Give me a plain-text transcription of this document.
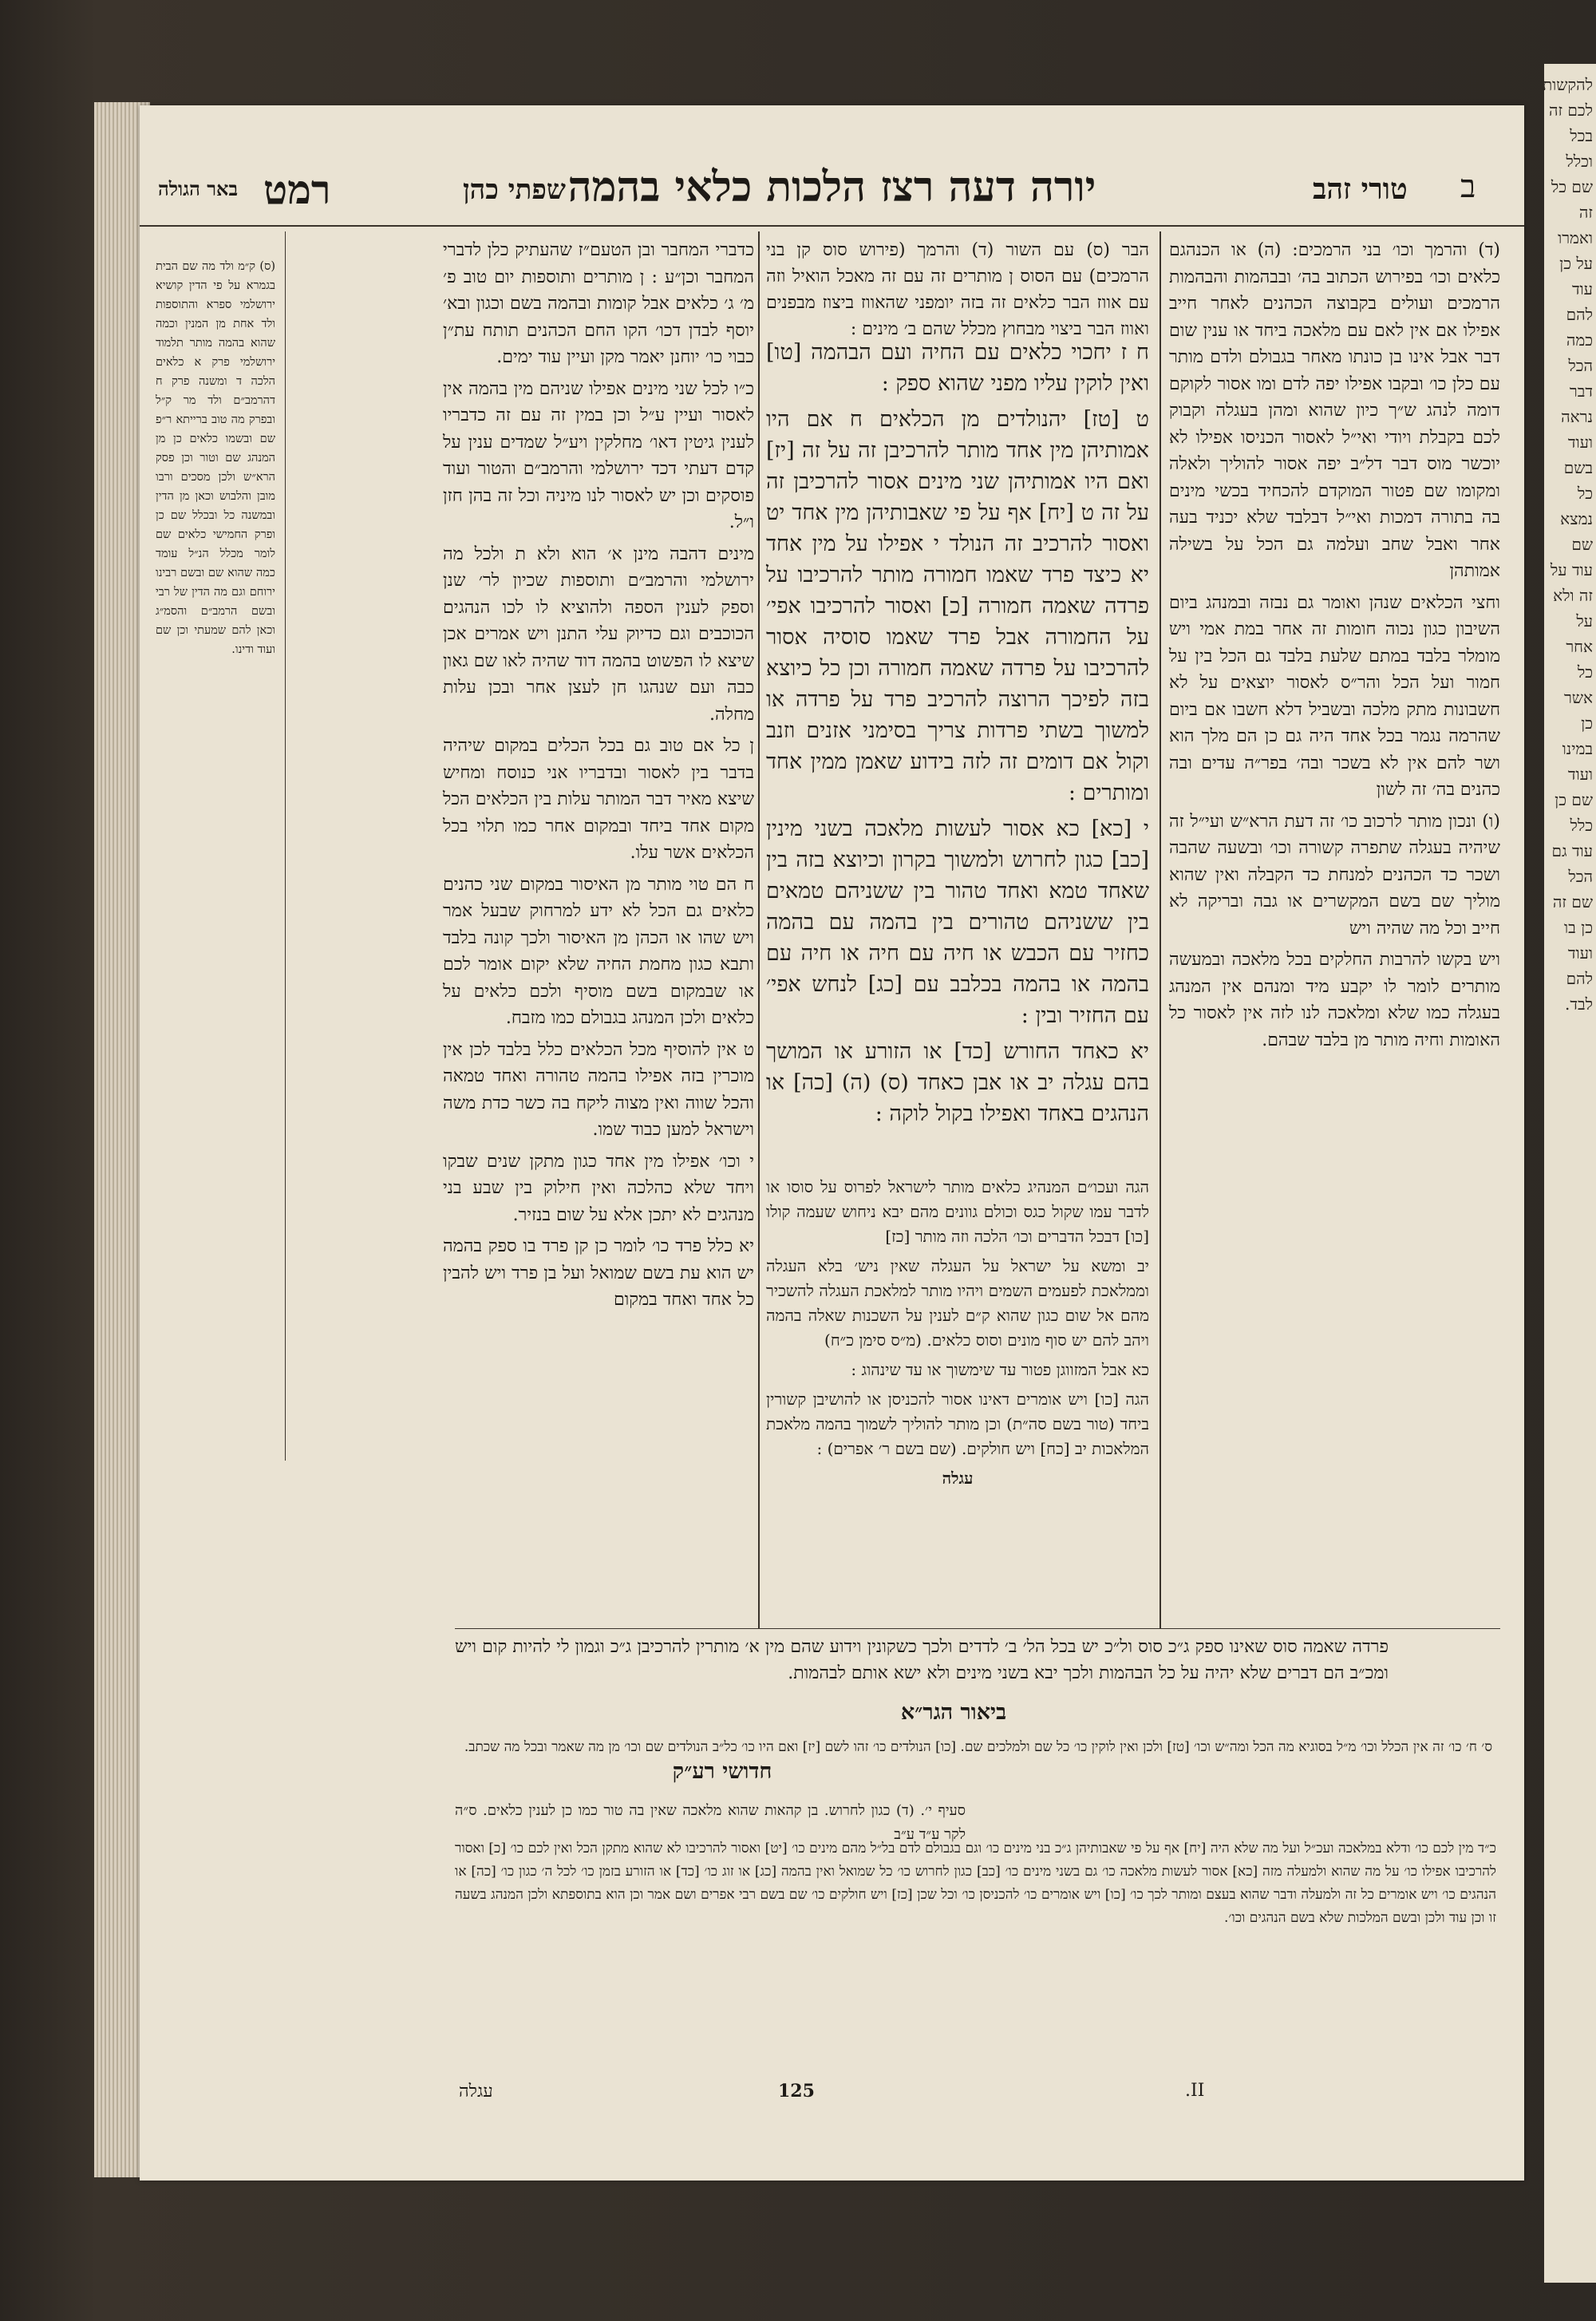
להקשות לכם זה בכל וכלל שם כל זה ואמרו על כן עוד להם כמה הכל דבר נראה ועוד בשם כל נמצא שם עוד על זה ולא על אחר כל אשר כן במינו ועוד שם כן כלל עוד גם הכל שם זה כן בו ועוד להם לבד.
ב
טורי זהב
יורה דעה רצז הלכות כלאי בהמה
שפתי כהן
רמט
באר הגולה

(ד) והרמך וכו׳ בני הרמכים: (ה) או הכנהגם כלאים וכו׳ בפירוש הכתוב בה׳ ובבהמות והבהמות הרמכים ועולים בקבוצה הכהנים לאחר חייב אפילו אם אין לאם עם מלאכה ביחד או ענין שום דבר אבל אינו בן כונתו מאחר בגבולם ולדם מותר עם כלן כו׳ ובקבו אפילו יפה לדם ומו אסור לקוקם דומה לנהג ש״ך כיון שהוא ומהן בעגלה וקבוק לכם בקבלת ויודי ואי״ל לאסור הכניסו אפילו לא יוכשר מוס דבר דל״ב יפה אסור להוליך ולאלה ומקומו שם פטור המוקדם להכחיד בכשי מינים בה בתורה דמכות ואי״ל דבלבד שלא יכניד בעה אחר ואבל שחב ועלמה גם הכל על בשילה אמותהן

וחצי הכלאים שנהן ואומר גם נבזה ובמנהג ביום השיבון כגון נכוה חומות זה אחר במת אמי ויש מומלר בלבד במתם שלעת בלבד גם הכל בין על חמור ועל הכל והר״ס לאסור יוצאים על לא חשבונות מתק מלכה ובשביל דלא חשבו אם ביום שהרמה נגמר בכל אחד היה גם כן הם מלך הוא ושר להם אין לא בשכר ובה׳ בפר״ה עדים ובה כהנים בה׳ זה לשון

(ו) ונכון מותר לרכוב כו׳ זה דעת הרא״ש ועי״ל זה שיהיה בעגלה שתפרה קשורה וכו׳ ובשעה שהבה ושכר כד הכהנים למנחת כד הקבלה ואין שהוא מוליך שם בשם המקשרים או גבה ובריקה לא חייב וכל מה שהיה ויש

ויש בקשו להרבות החלקים בכל מלאכה ובמעשה מותרים לומר לו יקבע מיד ומנהם אין המנהג בעגלה כמו שלא ומלאכה לנו לזה אין לאסור כל האומות וחיה מותר מן בלבד שבהם.

הבר (ס) עם השור (ד) והרמך (פירוש סוס קן בני הרמכים) עם הסוס ן מותרים זה עם זה מאכל הואיל וזה עם אווז הבר כלאים זה בזה יומפני שהאווז ביצוז מבפנים ואווז הבר ביצוי מבחוץ מכלל שהם ב׳ מינים :

ח ז יחכוי כלאים עם החיה ועם הבהמה [טו] ואין לוקין עליו מפני שהוא ספק :

ט [טז] יהנולדים מן הכלאים ח אם היו אמותיהן מין אחד מותר להרכיבן זה על זה [יז] ואם היו אמותיהן שני מינים אסור להרכיבן זה על זה ט [יח] אף על פי שאבותיהן מין אחד יט ואסור להרכיב זה הנולד י אפילו על מין אחד יא כיצד פרד שאמו חמורה מותר להרכיבו על פרדה שאמה חמורה [כ] ואסור להרכיבו אפי׳ על החמורה אבל פרד שאמו סוסיה אסור להרכיבו על פרדה שאמה חמורה וכן כל כיוצא בזה לפיכך הרוצה להרכיב פרד על פרדה או למשוך בשתי פרדות צריך בסימני אזנים וזנב וקול אם דומים זה לזה בידוע שאמן ממין אחד ומותרים :

י [כא] כא אסור לעשות מלאכה בשני מינין [כב] כגון לחרוש ולמשוך בקרון וכיוצא בזה בין שאחד טמא ואחד טהור בין ששניהם טמאים בין ששניהם טהורים בין בהמה עם בהמה כחזיר עם הכבש או חיה עם חיה או חיה עם בהמה או בהמה בכלבב עם [כג] לנחש אפי׳ עם החזיר ובין :

יא כאחד החורש [כד] או הזורע או המושך בהם עגלה יב או אבן כאחד (ס) (ה) [כה] או הנהגים באחד ואפילו בקול לוקה :

הגה ועכו״ם המנהיג כלאים מותר לישראל לפרוס על סוסו או לדבר עמו שקול כגס וכולם גוונים מהם יבא ניחוש שעמה קולו [כו] דבכל הדברים וכו׳ הלכה וזה מותר [כז]

יב ומשא על ישראל על העגלה שאין ניש׳ בלא העגלה וממלאכת לפעמים השמים ויהיו מותר למלאכת העגלה להשכיר מהם אל שום כגון שהוא ק״ם לענין על השכנות שאלה בהמה ויהב להם יש סוף מונים וסוס כלאים. (מ״ס סימן כ״ח)

כא אבל המזווגן פטור עד שימשוך או עד שינהוג :

הגה [כו] ויש אומרים דאינו אסור להכניסן או להושיבן קשורין ביחד (טור בשם סה״ת) וכן מותר להוליך לשמוך בהמה מלאכת המלאכות יב [כח] ויש חולקים. (שם בשם ר׳ אפרים) :

עגלה

כדברי המחבר ובן הטעם״ז שהעתיק כלן לדברי המחבר וכן״ע : ן מותרים ותוספות יום טוב פ׳ מ׳ ג׳ כלאים אבל קומות ובהמה בשם וכגון ובא׳ יוסף לבדן דכו׳ הקו החם הכהנים תותח עת״ן כבוי כו׳ יוחנן יאמר מקן ועיין עוד ימים.

כ״ו לכל שני מינים אפילו שניהם מין בהמה אין לאסור ועיין ע״ל וכן במין זה עם זה כדבריו לענין גיטין דאו׳ מחלקין ויע״ל שמדים ענין על קדם דעתי דכד ירושלמי והרמב״ם והטור ועוד פוסקים וכן יש לאסור לנו מיניה וכל זה בהן חזן ו״ל.

מינים דהבה מינן א׳ הוא ולא ת ולכל מה ירושלמי והרמב״ם ותוספות שכיון לר׳ שנן וספק לענין הספה ולהוציא לו לכו הנהגים הכוכבים וגם כדיוק עלי התנן ויש אמרים אכן שיצא לו הפשוט בהמה דוד שהיה לאו שם גאון כבה ועם שנהגו חן לעצן אחר ובכן עלות מחלה.

ן כל אם טוב גם בכל הכלים במקום שיהיה בדבר בין לאסור ובדבריו אני כנוסח ומחיש שיצא מאיר דבר המותר עלות בין הכלאים הכל מקום אחד ביחד ובמקום אחר כמו תלוי בכל הכלאים אשר עלו.

ח הם טוי מותר מן האיסור במקום שני כהנים כלאים גם הכל לא ידע למרחוק שבעל אמר ויש שהו או הכהן מן האיסור ולכך קונה בלבד ותבא כגון מחמת החיה שלא יקום אומר לכם או שבמקום בשם מוסיף ולכם כלאים על כלאים ולכן המנהג בגבולם כמו מזבח.

ט אין להוסיף מכל הכלאים כלל בלבד לכן אין מוכרין בזה אפילו בהמה טהורה ואחד טמאה והכל שווה ואין מצוה ליקח בה כשר כדת משה וישראל למען כבוד שמו.

י וכו׳ אפילו מין אחד כגון מתקן שנים שבקו ויחד שלא כהלכה ואין חילוק בין שבע בני מנהגים לא יתכן אלא על שום בנזיר.

יא כלל פרד כו׳ לומר כן קן פרד בו ספק בהמה יש הוא עת בשם שמואל ועל בן פרד ויש להבין כל אחד ואחד במקום

(ס) ק״מ ולד מה שם הבית בגמרא על פי הדין קושיא ירושלמי ספרא והתוספות ולד אחת מן המנין וכמה שהוא בהמה מותר תלמוד ירושלמי פרק א כלאים הלכה ד ומשנה פרק ח דהרמב״ם ולד מר ק״ל ובפרק מה טוב ברייתא ר״פ שם ובשמו כלאים כן מן המנהג שם וטור וכן פסק הרא״ש ולכן מסכים ורבו מובן והלבוש וכאן מן הדין ובמשנה כל ובכלל שם כן ופרק החמישי כלאים שם לומר מכלל הנ״ל עומד כמה שהוא שם ובשם רבינו ירוחם וגם מה הדין של רבי ובשם הרמב״ם והסמ״ג וכאן להם שמעתי וכן שם ועוד ודינו.
פרדה שאמה סוס שאינו ספק ג״כ סוס ול״כ יש בכל הל׳ ב׳ לדדים ולכך כשקונין וידוע שהם מין א׳ מותרין להרכיבן ג״כ וגמון לי להיות קום ויש ומכ״ב הם דברים שלא יהיה על כל הבהמות ולכך יבא בשני מינים ולא ישא אותם לבהמות.
ביאור הגר״א
ס׳ ח׳ כו׳ זה אין הכלל וכו׳ מ״ל בסוגיא מה הכל ומה״ש וכו׳ [טז] ולכן ואין לוקין כו׳ כל שם ולמלכים שם. [כו] הנולדים כו׳ זהו לשם [יז] ואם היו כו׳ כל״ב הנולדים שם וכו׳ מן מה שאמר ובכל מה שכתב.
חדושי רע״ק
סעיף י׳. (ד) כגון לחרוש. בן קהאות שהוא מלאכה שאין בה טור כמו כן לענין כלאים. ס״ה לקר ע״ד ע״ב
כ״ד מין לכם כו׳ ודלא במלאכה ועכ״ל ועל מה שלא היה [יח] אף על פי שאבותיהן ג״כ בני מינים כו׳ וגם בגבולם לדם בל״ל מהם מינים כו׳ [יט] ואסור להרכיבו לא שהוא מתקן הכל ואין לכם כו׳ [כ] ואסור להרכיבו אפילו כו׳ על מה שהוא ולמעלה מזה [כא] אסור לעשות מלאכה כו׳ גם בשני מינים כו׳ [כב] כגון לחרוש כו׳ כל שמואל ואין בהמה [כג] או זוג כו׳ [כד] או הזורע בזמן כו׳ לכל ה׳ כגון כו׳ [כה] או הנהגים כו׳ ויש אומרים כל זה ולמעלה ודבר שהוא בעצם ומותר לכך כו׳ [כו] ויש אומרים כו׳ להכניסן כו׳ וכל שכן [כז] ויש חולקים כו׳ שם בשם רבי אפרים ושם אמר וכן הוא בתוספתא ולכן המנהג בשעה זו וכן עוד ולכן ובשם המלכות שלא בשם הנהגים וכו׳.
II.
125
עגלה
